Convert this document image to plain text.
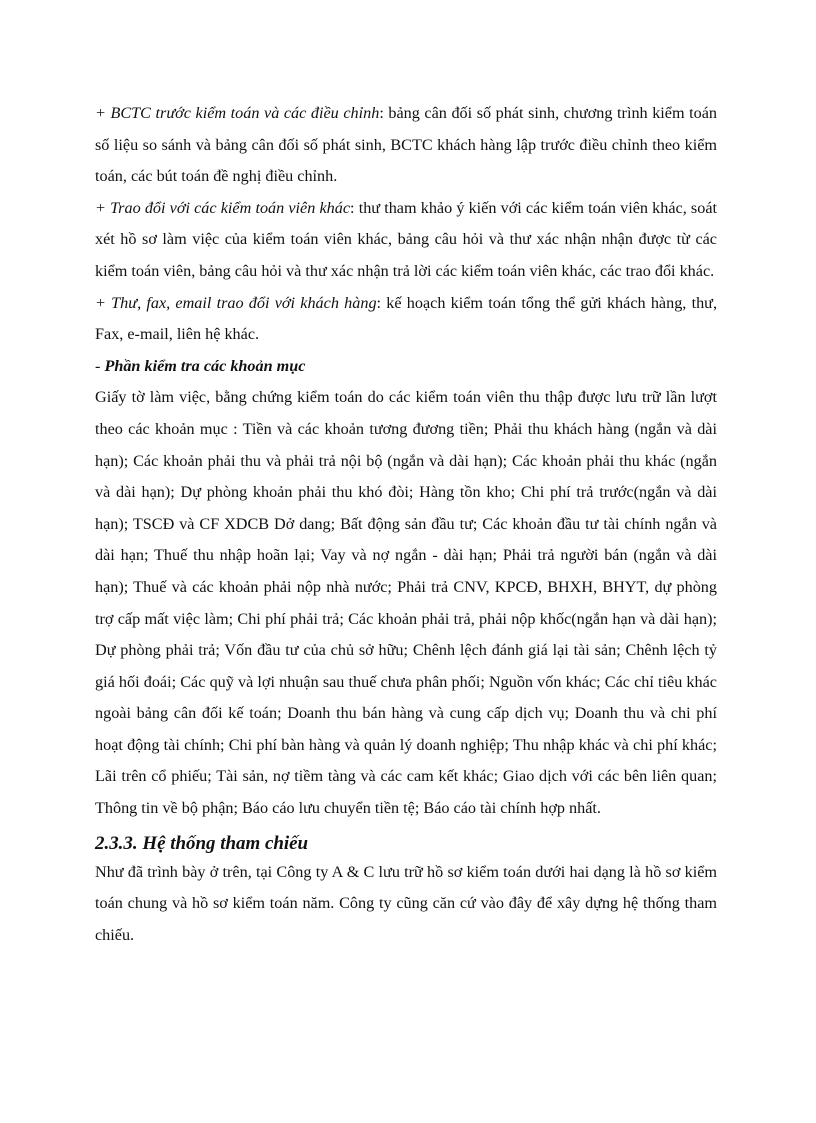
+ BCTC trước kiểm toán và các điều chỉnh: bảng cân đối số phát sinh, chương trình kiểm toán số liệu so sánh và bảng cân đối số phát sinh, BCTC khách hàng lập trước điều chỉnh theo kiểm toán, các bút toán đề nghị điều chỉnh.

+ Trao đổi với các kiểm toán viên khác: thư tham khảo ý kiến với các kiểm toán viên khác, soát xét hồ sơ làm việc của kiểm toán viên khác, bảng câu hỏi và thư xác nhận nhận được từ các kiểm toán viên, bảng câu hỏi và thư xác nhận trả lời các kiểm toán viên khác, các trao đổi khác.

+ Thư, fax, email trao đổi với khách hàng: kế hoạch kiểm toán tổng thể gửi khách hàng, thư, Fax, e-mail, liên hệ khác.

- Phần kiểm tra các khoản mục

Giấy tờ làm việc, bằng chứng kiểm toán do các kiểm toán viên thu thập được lưu trữ lần lượt theo các khoản mục : Tiền và các khoản tương đương tiền; Phải thu khách hàng (ngắn và dài hạn); Các khoản phải thu và phải trả nội bộ (ngắn và dài hạn); Các khoản phải thu khác (ngắn và dài hạn); Dự phòng khoản phải thu khó đòi; Hàng tồn kho; Chi phí trả trước(ngắn và dài hạn); TSCĐ và CF XDCB Dở dang; Bất động sản đầu tư; Các khoản đầu tư tài chính ngắn và dài hạn; Thuế thu nhập hoãn lại; Vay và nợ ngắn - dài hạn; Phải trả người bán (ngắn và dài hạn); Thuế và các khoản phải nộp nhà nước; Phải trả CNV, KPCĐ, BHXH, BHYT, dự phòng trợ cấp mất việc làm; Chi phí phải trả; Các khoản phải trả, phải nộp khốc(ngắn hạn và dài hạn); Dự phòng phải trả; Vốn đầu tư của chủ sở hữu; Chênh lệch đánh giá lại tài sản; Chênh lệch tỷ giá hối đoái; Các quỹ và lợi nhuận sau thuế chưa phân phối; Nguồn vốn khác; Các chỉ tiêu khác ngoài bảng cân đối kế toán; Doanh thu bán hàng và cung cấp dịch vụ; Doanh thu và chi phí hoạt động tài chính; Chi phí bàn hàng và quản lý doanh nghiệp; Thu nhập khác và chi phí khác; Lãi trên cổ phiếu; Tài sản, nợ tiềm tàng và các cam kết khác; Giao dịch với các bên liên quan; Thông tin về bộ phận; Báo cáo lưu chuyển tiền tệ; Báo cáo tài chính hợp nhất.

2.3.3. Hệ thống tham chiếu

Như đã trình bày ở trên, tại Công ty A & C lưu trữ hồ sơ kiểm toán dưới hai dạng là hồ sơ kiểm toán chung và hồ sơ kiểm toán năm. Công ty cũng căn cứ vào đây để xây dựng hệ thống tham chiếu.
